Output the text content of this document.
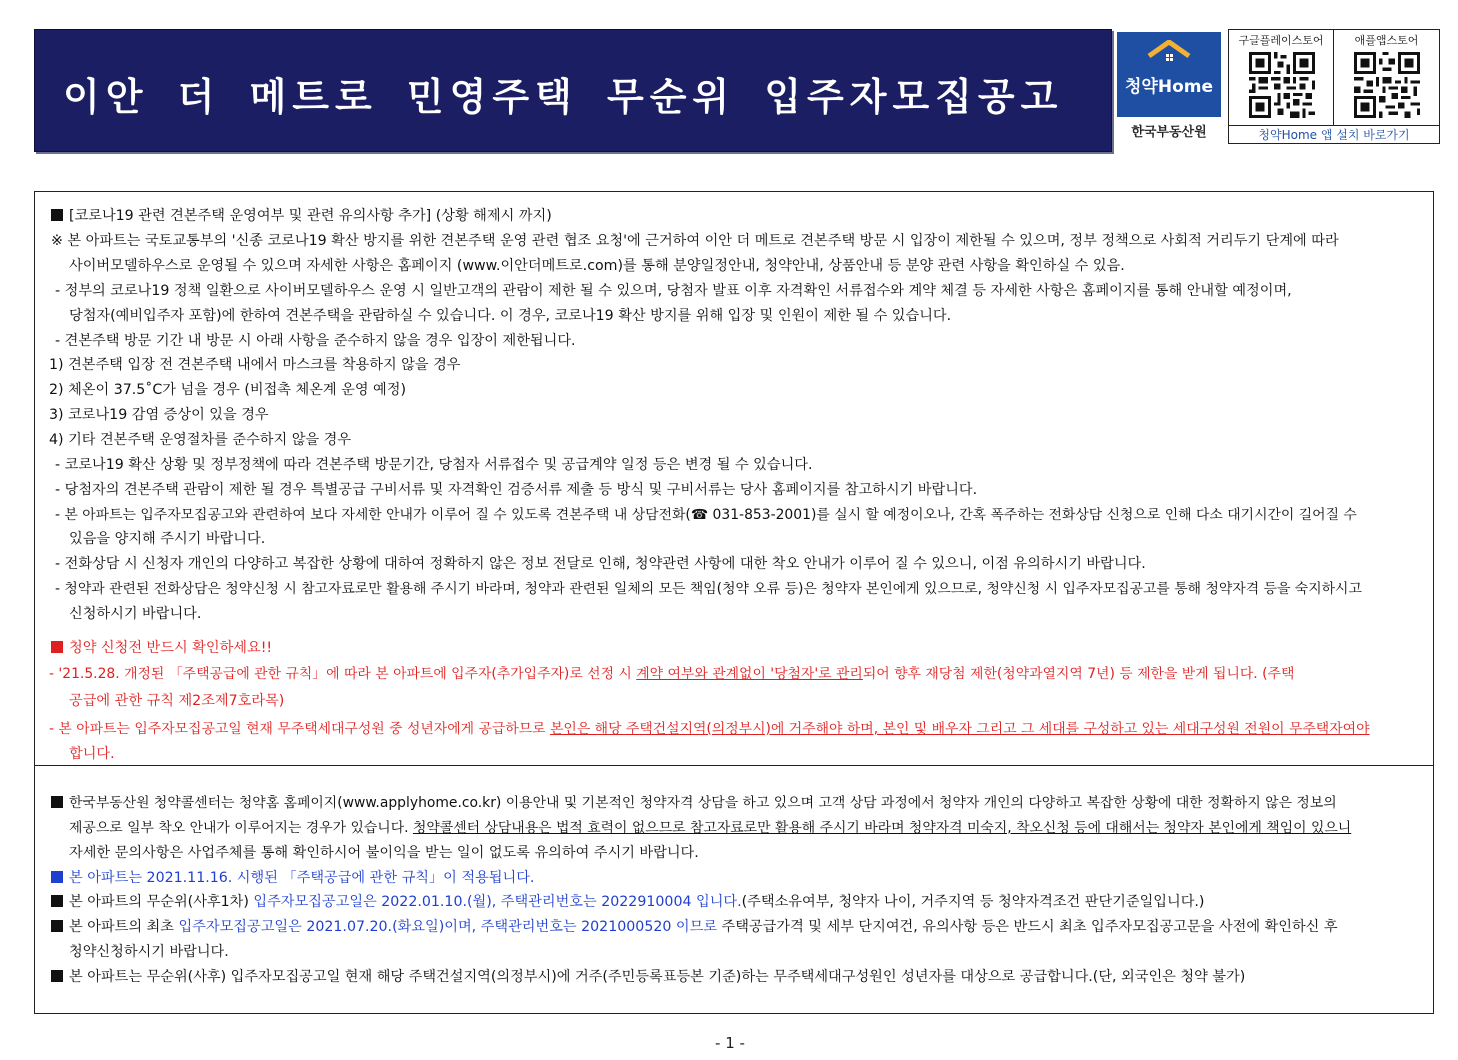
이안 더 메트로 민영주택 무순위 입주자모집공고	청약Home
한국부동산원
구글플레이스토어	애플앱스토어
청약Home 앱 설치 바로가기
[코로나19 관련 견본주택 운영여부 및 관련 유의사항 추가] (상황 해제시 까지)
※ 본 아파트는 국토교통부의 '신종 코로나19 확산 방지를 위한 견본주택 운영 관련 협조 요청'에 근거하여 이안 더 메트로 견본주택 방문 시 입장이 제한될 수 있으며, 정부 정책으로 사회적 거리두기 단계에 따라
사이버모델하우스로 운영될 수 있으며 자세한 사항은 홈페이지 (www.이안더메트로.com)를 통해 분양일정안내, 청약안내, 상품안내 등 분양 관련 사항을 확인하실 수 있음.
- 정부의 코로나19 정책 일환으로 사이버모델하우스 운영 시 일반고객의 관람이 제한 될 수 있으며, 당첨자 발표 이후 자격확인 서류접수와 계약 체결 등 자세한 사항은 홈페이지를 통해 안내할 예정이며,
당첨자(예비입주자 포함)에 한하여 견본주택을 관람하실 수 있습니다. 이 경우, 코로나19 확산 방지를 위해 입장 및 인원이 제한 될 수 있습니다.
- 견본주택 방문 기간 내 방문 시 아래 사항을 준수하지 않을 경우 입장이 제한됩니다.
1) 견본주택 입장 전 견본주택 내에서 마스크를 착용하지 않을 경우
2) 체온이 37.5˚C가 넘을 경우 (비접촉 체온계 운영 예정)
3) 코로나19 감염 증상이 있을 경우
4) 기타 견본주택 운영절차를 준수하지 않을 경우
- 코로나19 확산 상황 및 정부정책에 따라 견본주택 방문기간, 당첨자 서류접수 및 공급계약 일정 등은 변경 될 수 있습니다.
- 당첨자의 견본주택 관람이 제한 될 경우 특별공급 구비서류 및 자격확인 검증서류 제출 등 방식 및 구비서류는 당사 홈페이지를 참고하시기 바랍니다.
- 본 아파트는 입주자모집공고와 관련하여 보다 자세한 안내가 이루어 질 수 있도록 견본주택 내 상담전화(☎ 031-853-2001)를 실시 할 예정이오나, 간혹 폭주하는 전화상담 신청으로 인해 다소 대기시간이 길어질 수
있음을 양지해 주시기 바랍니다.
- 전화상담 시 신청자 개인의 다양하고 복잡한 상황에 대하여 정확하지 않은 정보 전달로 인해, 청약관련 사항에 대한 착오 안내가 이루어 질 수 있으니, 이점 유의하시기 바랍니다.
- 청약과 관련된 전화상담은 청약신청 시 참고자료로만 활용해 주시기 바라며, 청약과 관련된 일체의 모든 책임(청약 오류 등)은 청약자 본인에게 있으므로, 청약신청 시 입주자모집공고를 통해 청약자격 등을 숙지하시고
신청하시기 바랍니다.
청약 신청전 반드시 확인하세요!!
- '21.5.28. 개정된 「주택공급에 관한 규칙」에 따라 본 아파트에 입주자(추가입주자)로 선정 시 계약 여부와 관계없이 '당첨자'로 관리되어 향후 재당첨 제한(청약과열지역 7년) 등 제한을 받게 됩니다. (주택
공급에 관한 규칙 제2조제7호라목)
- 본 아파트는 입주자모집공고일 현재 무주택세대구성원 중 성년자에게 공급하므로 본인은 해당 주택건설지역(의정부시)에 거주해야 하며, 본인 및 배우자 그리고 그 세대를 구성하고 있는 세대구성원 전원이 무주택자여야
합니다.
한국부동산원 청약콜센터는 청약홈 홈페이지(www.applyhome.co.kr) 이용안내 및 기본적인 청약자격 상담을 하고 있으며 고객 상담 과정에서 청약자 개인의 다양하고 복잡한 상황에 대한 정확하지 않은 정보의
제공으로 일부 착오 안내가 이루어지는 경우가 있습니다. 청약콜센터 상담내용은 법적 효력이 없으므로 참고자료로만 활용해 주시기 바라며 청약자격 미숙지, 착오신청 등에 대해서는 청약자 본인에게 책임이 있으니
자세한 문의사항은 사업주체를 통해 확인하시어 불이익을 받는 일이 없도록 유의하여 주시기 바랍니다.
본 아파트는 2021.11.16. 시행된 「주택공급에 관한 규칙」이 적용됩니다.
본 아파트의 무순위(사후1차) 입주자모집공고일은 2022.01.10.(월), 주택관리번호는 2022910004 입니다.(주택소유여부, 청약자 나이, 거주지역 등 청약자격조건 판단기준일입니다.)
본 아파트의 최초 입주자모집공고일은 2021.07.20.(화요일)이며, 주택관리번호는 2021000520 이므로 주택공급가격 및 세부 단지여건, 유의사항 등은 반드시 최초 입주자모집공고문을 사전에 확인하신 후
청약신청하시기 바랍니다.
본 아파트는 무순위(사후) 입주자모집공고일 현재 해당 주택건설지역(의정부시)에 거주(주민등록표등본 기준)하는 무주택세대구성원인 성년자를 대상으로 공급합니다.(단, 외국인은 청약 불가)
- 1 -
